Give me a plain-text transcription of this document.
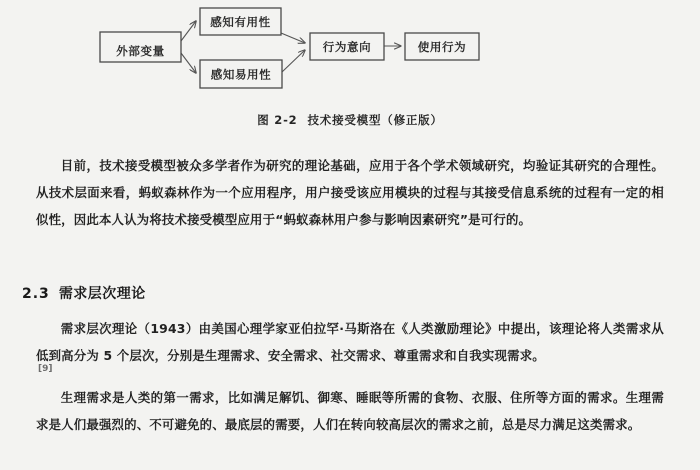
外部变量
感知有用性
感知易用性
行为意向	使用行为
图 2-2 技术接受模型（修正版）

目前，技术接受模型被众多学者作为研究的理论基础，应用于各个学术领域研究，均验证其研究的合理性。从技术层面来看，蚂蚁森林作为一个应用程序，用户接受该应用模块的过程与其接受信息系统的过程有一定的相似性，因此本人认为将技术接受模型应用于“蚂蚁森林用户参与影响因素研究”是可行的。

2.3 需求层次理论

需求层次理论（1943）由美国心理学家亚伯拉罕·马斯洛在《人类激励理论》中提出，该理论将人类需求从低到高分为 5 个层次，分别是生理需求、安全需求、社交需求、尊重需求和自我实现需求。

[9]

生理需求是人类的第一需求，比如满足解饥、御寒、睡眠等所需的食物、衣服、住所等方面的需求。生理需求是人们最强烈的、不可避免的、最底层的需要，人们在转向较高层次的需求之前，总是尽力满足这类需求。
